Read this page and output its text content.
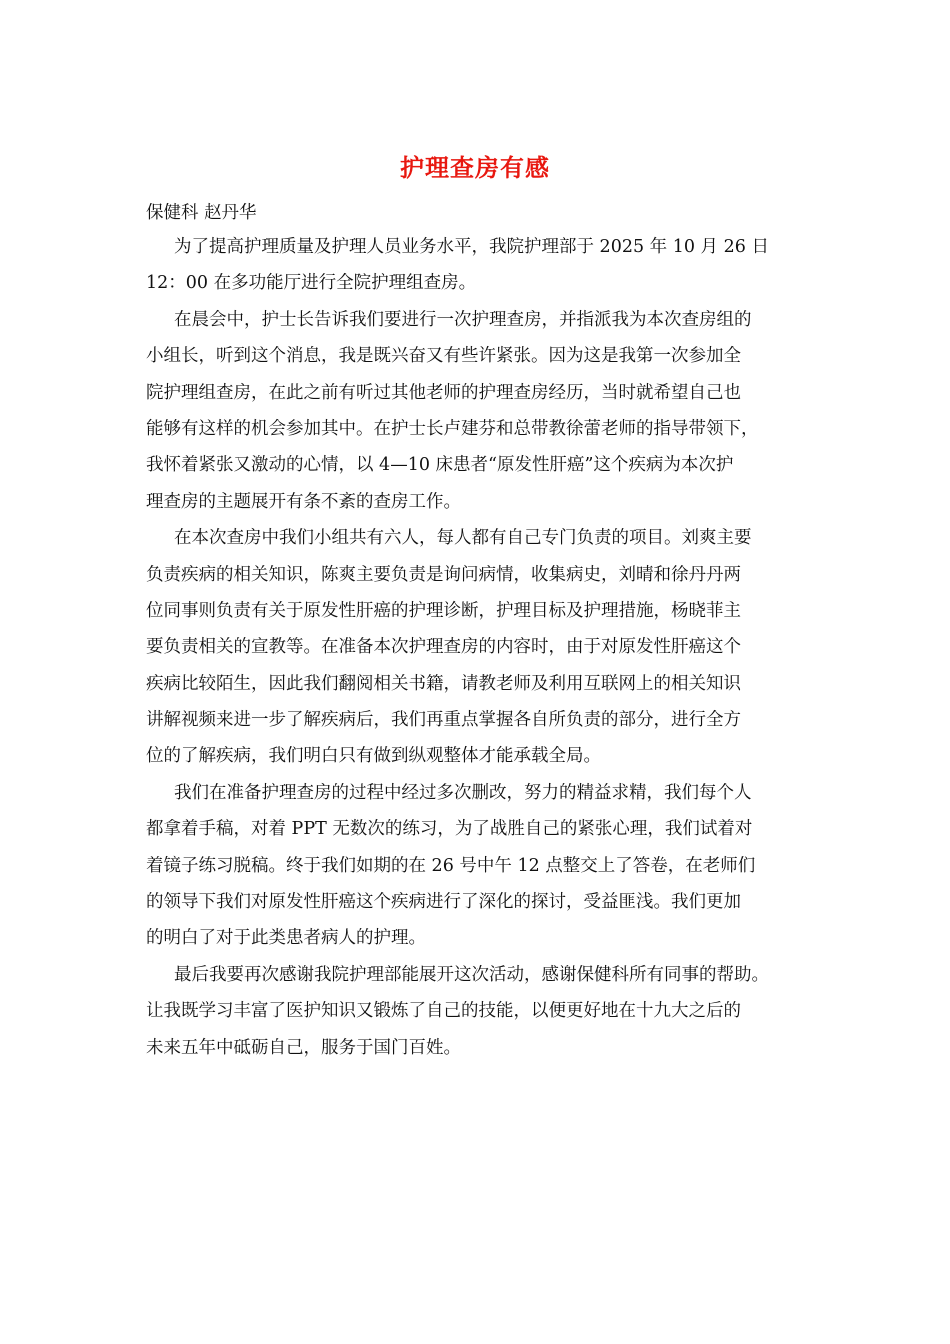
护理查房有感
保健科 赵丹华
为了提高护理质量及护理人员业务水平，我院护理部于 2025 年 10 月 26 日
12：00 在多功能厅进行全院护理组查房。
在晨会中，护士长告诉我们要进行一次护理查房，并指派我为本次查房组的
小组长，听到这个消息，我是既兴奋又有些许紧张。因为这是我第一次参加全
院护理组查房，在此之前有听过其他老师的护理查房经历，当时就希望自己也
能够有这样的机会参加其中。在护士长卢建芬和总带教徐蕾老师的指导带领下，
我怀着紧张又激动的心情，以 4—10 床患者“原发性肝癌”这个疾病为本次护
理查房的主题展开有条不紊的查房工作。
在本次查房中我们小组共有六人，每人都有自己专门负责的项目。刘爽主要
负责疾病的相关知识，陈爽主要负责是询问病情，收集病史，刘晴和徐丹丹两
位同事则负责有关于原发性肝癌的护理诊断，护理目标及护理措施，杨晓菲主
要负责相关的宣教等。在准备本次护理查房的内容时，由于对原发性肝癌这个
疾病比较陌生，因此我们翻阅相关书籍，请教老师及利用互联网上的相关知识
讲解视频来进一步了解疾病后，我们再重点掌握各自所负责的部分，进行全方
位的了解疾病，我们明白只有做到纵观整体才能承载全局。
我们在准备护理查房的过程中经过多次删改，努力的精益求精，我们每个人
都拿着手稿，对着 PPT 无数次的练习，为了战胜自己的紧张心理，我们试着对
着镜子练习脱稿。终于我们如期的在 26 号中午 12 点整交上了答卷，在老师们
的领导下我们对原发性肝癌这个疾病进行了深化的探讨，受益匪浅。我们更加
的明白了对于此类患者病人的护理。
最后我要再次感谢我院护理部能展开这次活动，感谢保健科所有同事的帮助。
让我既学习丰富了医护知识又锻炼了自己的技能，以便更好地在十九大之后的
未来五年中砥砺自己，服务于国门百姓。
